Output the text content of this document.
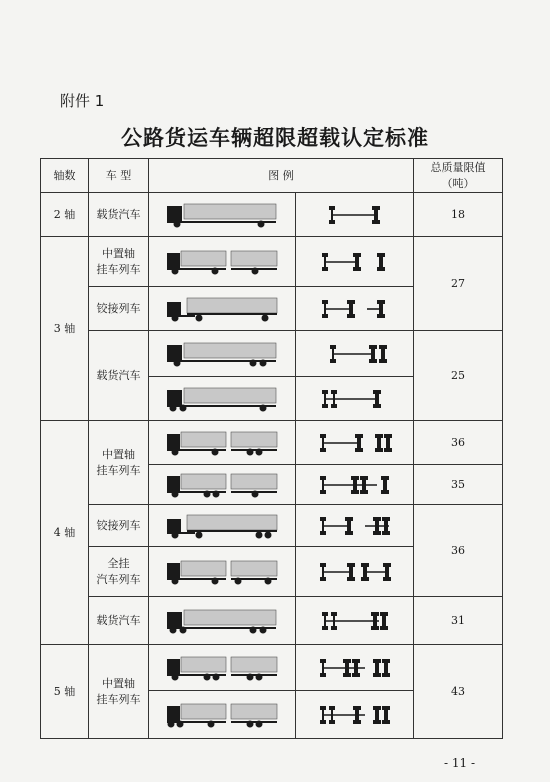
附件 1
公路货运车辆超限超载认定标准
轴数	车 型	图 例		总质量限值
（吨）
2 轴	载货汽车			18
3 轴	中置轴
挂车列车			27
	铰接列车	

	载货汽车			25

4 轴	中置轴
挂车列车			36

	35
	铰接列车			36
	全挂
汽车列车	

	载货汽车			31
5 轴	中置轴
挂车列车			43

- 11 -
